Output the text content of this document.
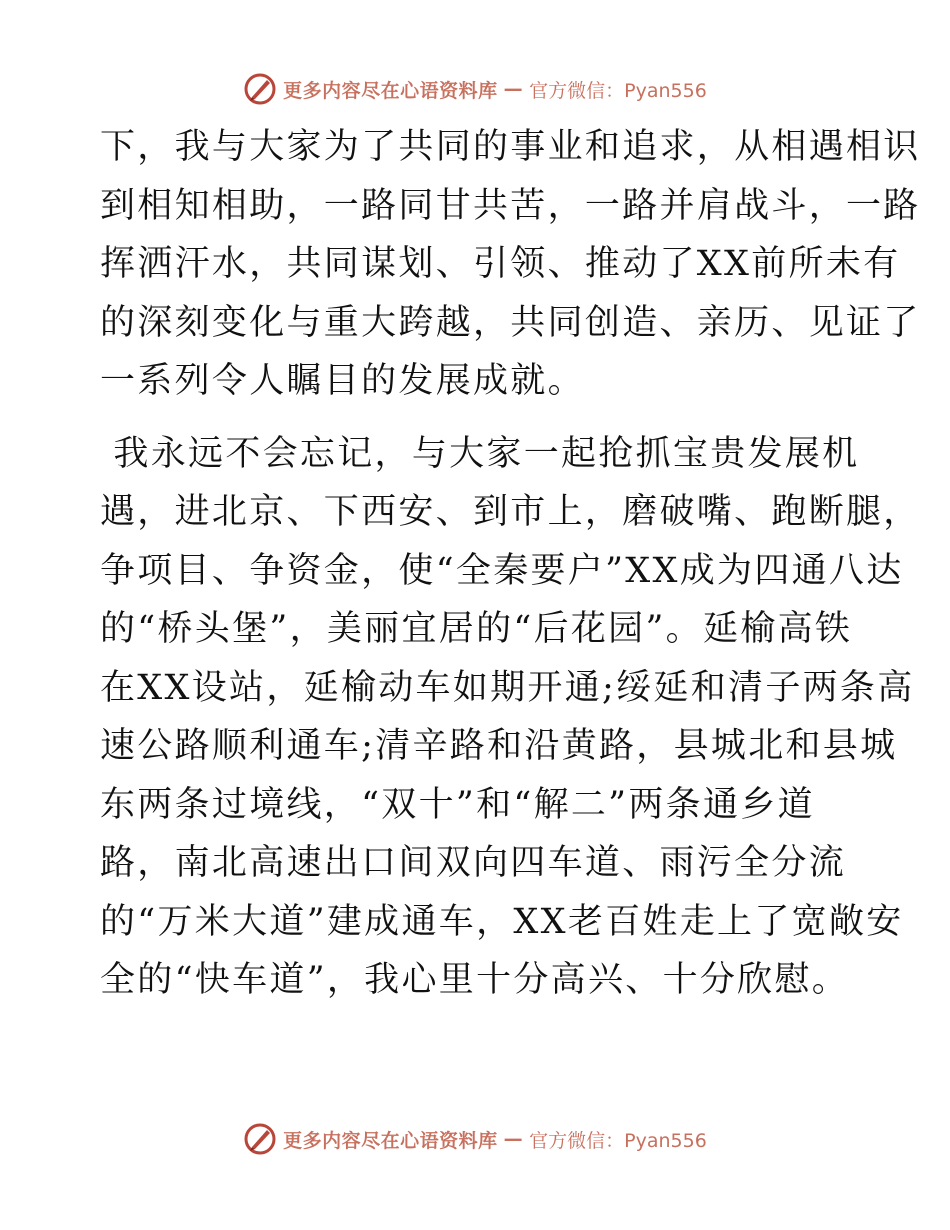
更多内容尽在心语资料库 — 官方微信：Pyan556
下，我与大家为了共同的事业和追求，从相遇相识
到相知相助，一路同甘共苦，一路并肩战斗，一路
挥洒汗水，共同谋划、引领、推动了XX前所未有
的深刻变化与重大跨越，共同创造、亲历、见证了
一系列令人瞩目的发展成就。
我永远不会忘记，与大家一起抢抓宝贵发展机
遇，进北京、下西安、到市上，磨破嘴、跑断腿，
争项目、争资金，使“全秦要户”XX成为四通八达
的“桥头堡”，美丽宜居的“后花园”。延榆高铁
在XX设站，延榆动车如期开通;绥延和清子两条高
速公路顺利通车;清辛路和沿黄路，县城北和县城
东两条过境线，“双十”和“解二”两条通乡道
路，南北高速出口间双向四车道、雨污全分流
的“万米大道”建成通车，XX老百姓走上了宽敞安
全的“快车道”，我心里十分高兴、十分欣慰。
更多内容尽在心语资料库 — 官方微信：Pyan556
